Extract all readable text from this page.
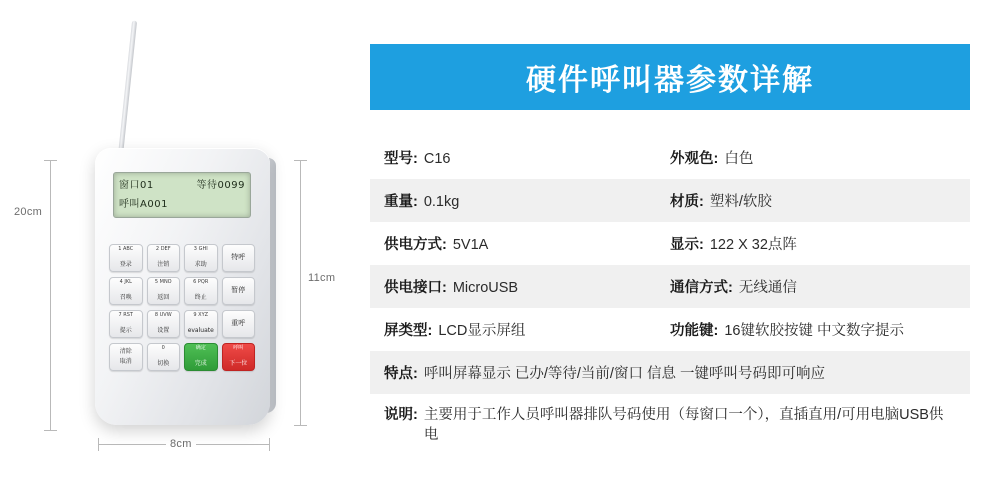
20cm
11cm
8cm
窗口01	等待0099
呼叫A001
1 ABC
登录
2 DEF
注销
3 GHI
求助
特呼
4 JKL
召唤
5 MNO
返回
6 PQR
终止
暂停
7 RST
提示
8 UVW
设置
9 XYZ
evaluate
重呼
清除
取消
0
切换
确定
完成
呼叫
下一位
硬件呼叫器参数详解
型号: C16	外观色: 白色
重量: 0.1kg	材质: 塑料/软胶
供电方式: 5V1A	显示: 122 X 32点阵
供电接口: MicroUSB	通信方式: 无线通信
屏类型: LCD显示屏组	功能键: 16键软胶按键 中文数字提示
特点: 呼叫屏幕显示 已办/等待/当前/窗口 信息 一键呼叫号码即可响应
说明: 主要用于工作人员呼叫器排队号码使用（每窗口一个），直插直用/可用电脑USB供电
